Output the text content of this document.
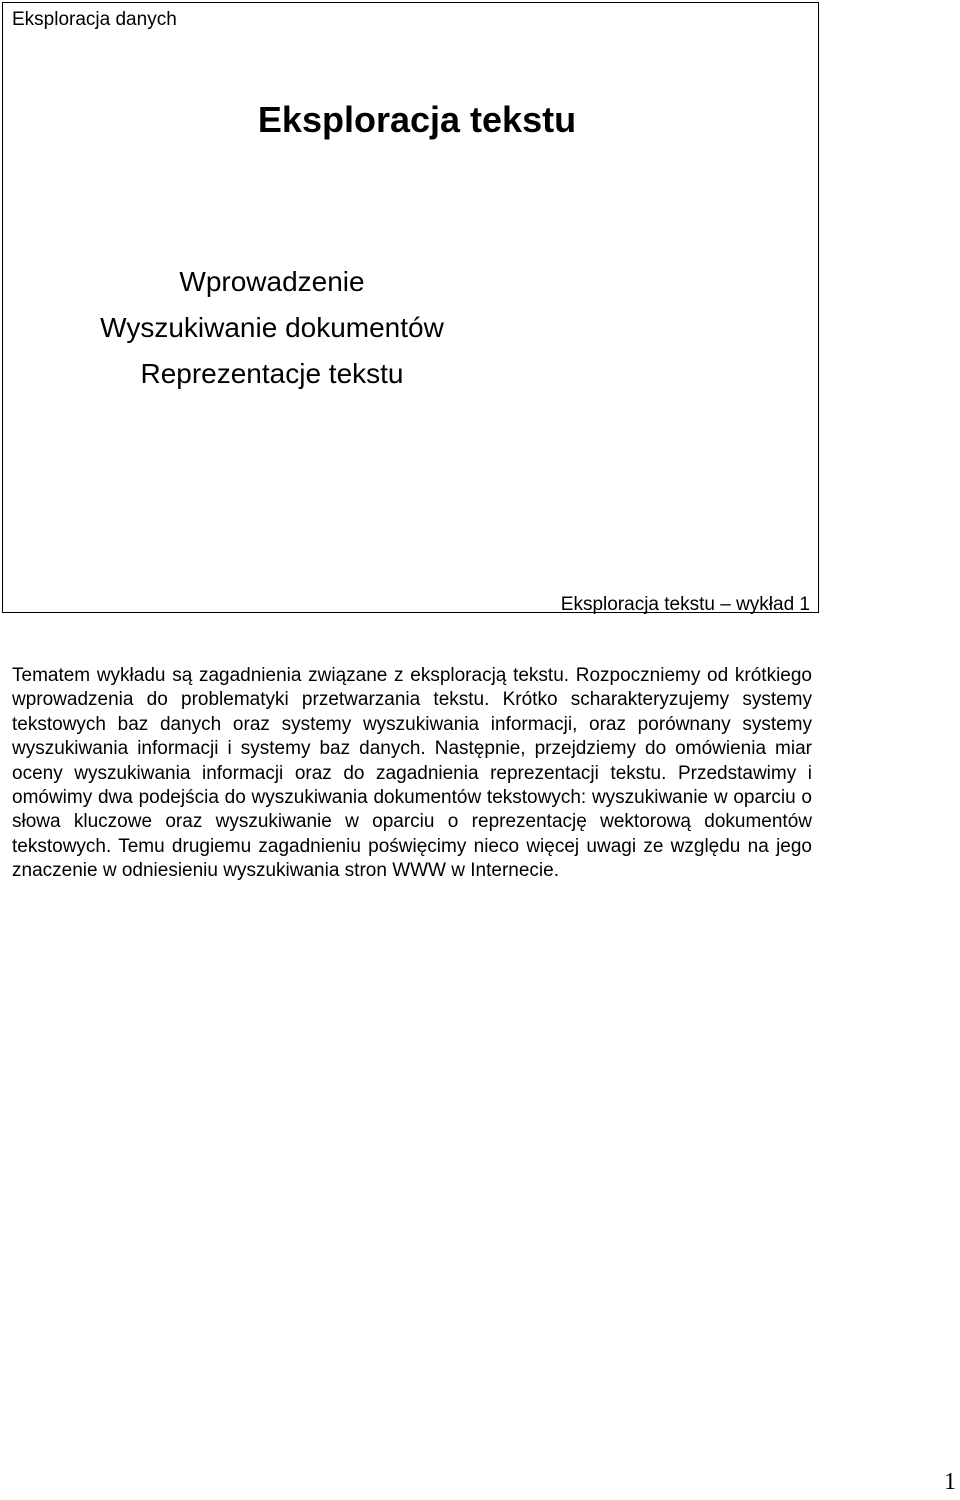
Eksploracja danych
Eksploracja tekstu
Wprowadzenie
Wyszukiwanie dokumentów
Reprezentacje tekstu
Eksploracja tekstu – wykład 1

Tematem wykładu są zagadnienia związane z eksploracją tekstu. Rozpoczniemy od krótkiego wprowadzenia do problematyki przetwarzania tekstu. Krótko scharakteryzujemy systemy tekstowych baz danych oraz systemy wyszukiwania informacji, oraz porównany systemy wyszukiwania informacji i systemy baz danych. Następnie, przejdziemy do omówienia miar oceny wyszukiwania informacji oraz do zagadnienia reprezentacji tekstu. Przedstawimy i omówimy dwa podejścia do wyszukiwania dokumentów tekstowych: wyszukiwanie w oparciu o słowa kluczowe oraz wyszukiwanie w oparciu o reprezentację wektorową dokumentów tekstowych. Temu drugiemu zagadnieniu poświęcimy nieco więcej uwagi ze względu na jego znaczenie w odniesieniu wyszukiwania stron WWW w Internecie.

1
